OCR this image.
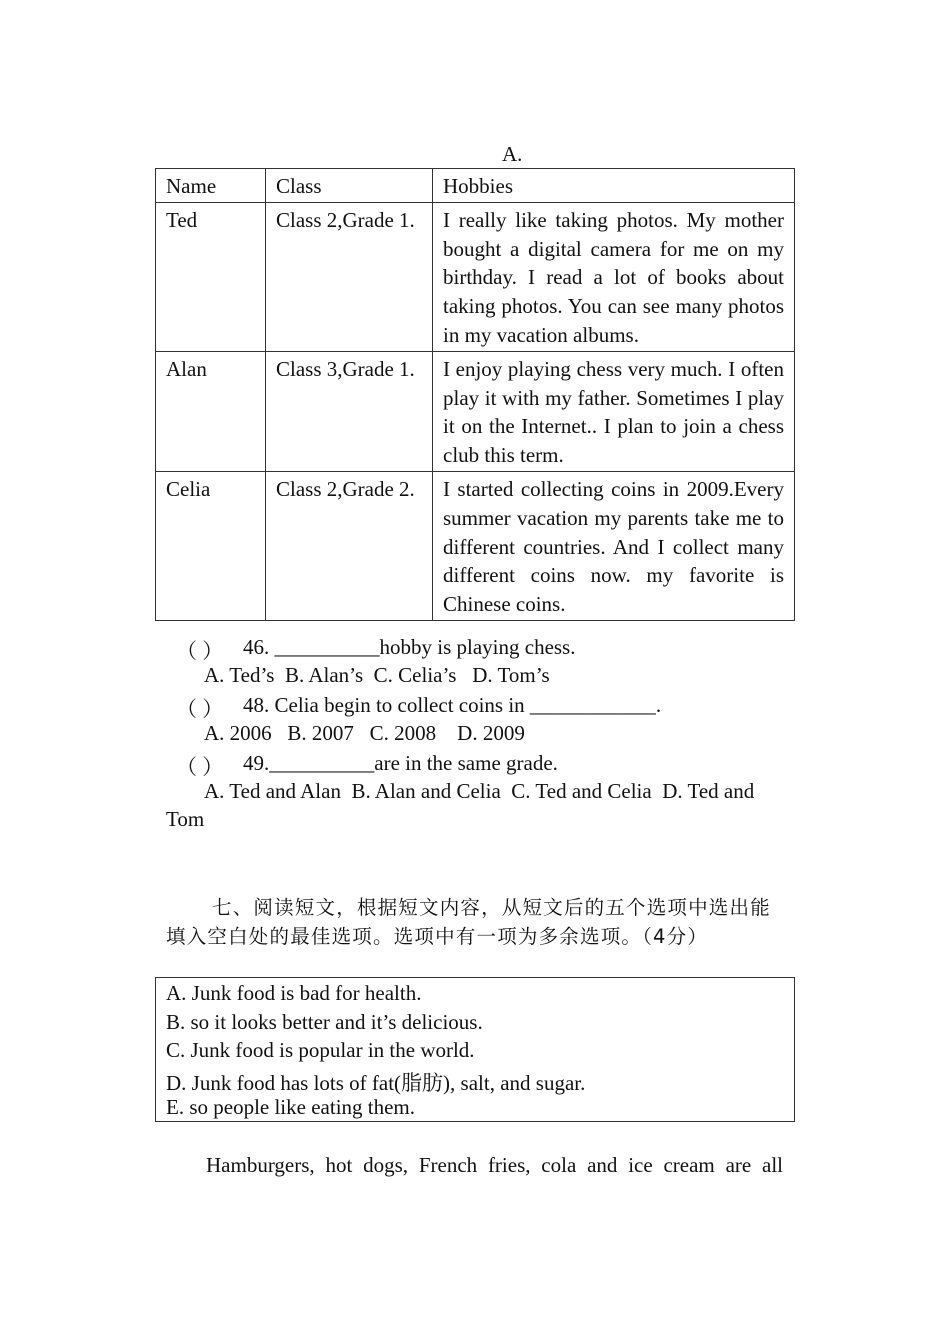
A.
Name	Class	Hobbies
Ted	Class 2,Grade 1.	I really like taking photos. My mother bought a digital camera for me on my birthday. I read a lot of books about taking photos. You can see many photos in my vacation albums.
Alan	Class 3,Grade 1.	I enjoy playing chess very much. I often play it with my father. Sometimes I play it on the Internet.. I plan to join a chess club this term.
Celia	Class 2,Grade 2.	I started collecting coins in 2009.Every summer vacation my parents take me to different countries. And I collect many different coins now. my favorite is Chinese coins.
（ ） 46. __________hobby is playing chess.
A. Ted’s  B. Alan’s  C. Celia’s   D. Tom’s
（ ） 48. Celia begin to collect coins in ____________.
A. 2006   B. 2007   C. 2008    D. 2009
（ ） 49.__________are in the same grade.
A. Ted and Alan  B. Alan and Celia  C. Ted and Celia  D. Ted and
Tom
七、阅读短文，根据短文内容，从短文后的五个选项中选出能填入空白处的最佳选项。选项中有一项为多余选项。（4分）
A. Junk food is bad for health.
B. so it looks better and it’s delicious.
C. Junk food is popular in the world.
D. Junk food has lots of fat(脂肪), salt, and sugar.
E. so people like eating them.
Hamburgers, hot dogs, French fries, cola and ice cream are all
